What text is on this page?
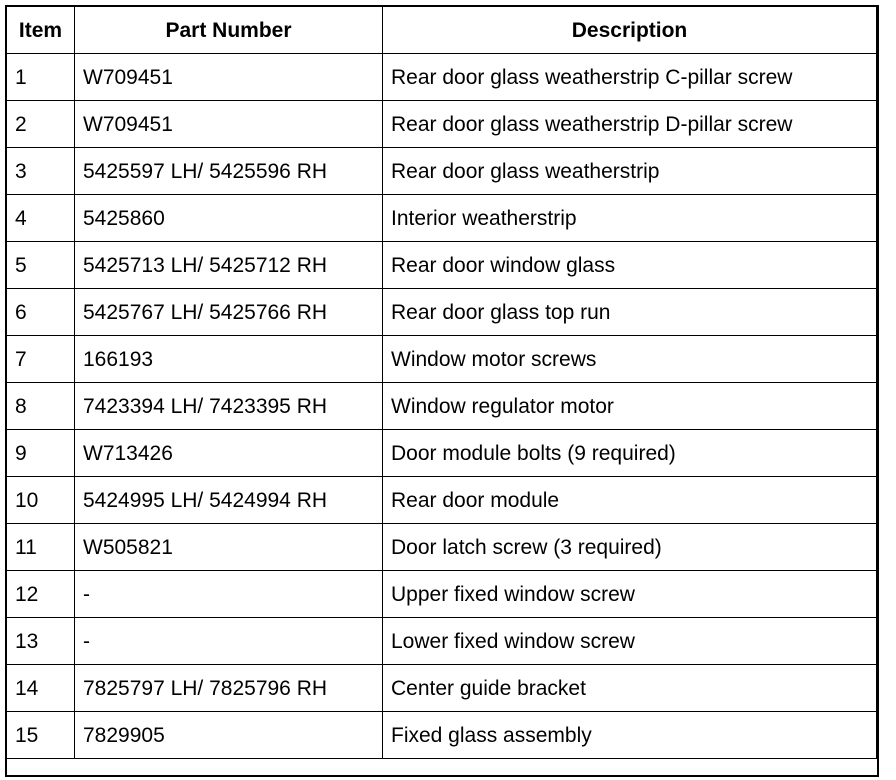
Item	Part Number	Description
1	W709451	Rear door glass weatherstrip C-pillar screw
2	W709451	Rear door glass weatherstrip D-pillar screw
3	5425597 LH/ 5425596 RH	Rear door glass weatherstrip
4	5425860	Interior weatherstrip
5	5425713 LH/ 5425712 RH	Rear door window glass
6	5425767 LH/ 5425766 RH	Rear door glass top run
7	166193	Window motor screws
8	7423394 LH/ 7423395 RH	Window regulator motor
9	W713426	Door module bolts (9 required)
10	5424995 LH/ 5424994 RH	Rear door module
11	W505821	Door latch screw (3 required)
12	-	Upper fixed window screw
13	-	Lower fixed window screw
14	7825797 LH/ 7825796 RH	Center guide bracket
15	7829905	Fixed glass assembly
